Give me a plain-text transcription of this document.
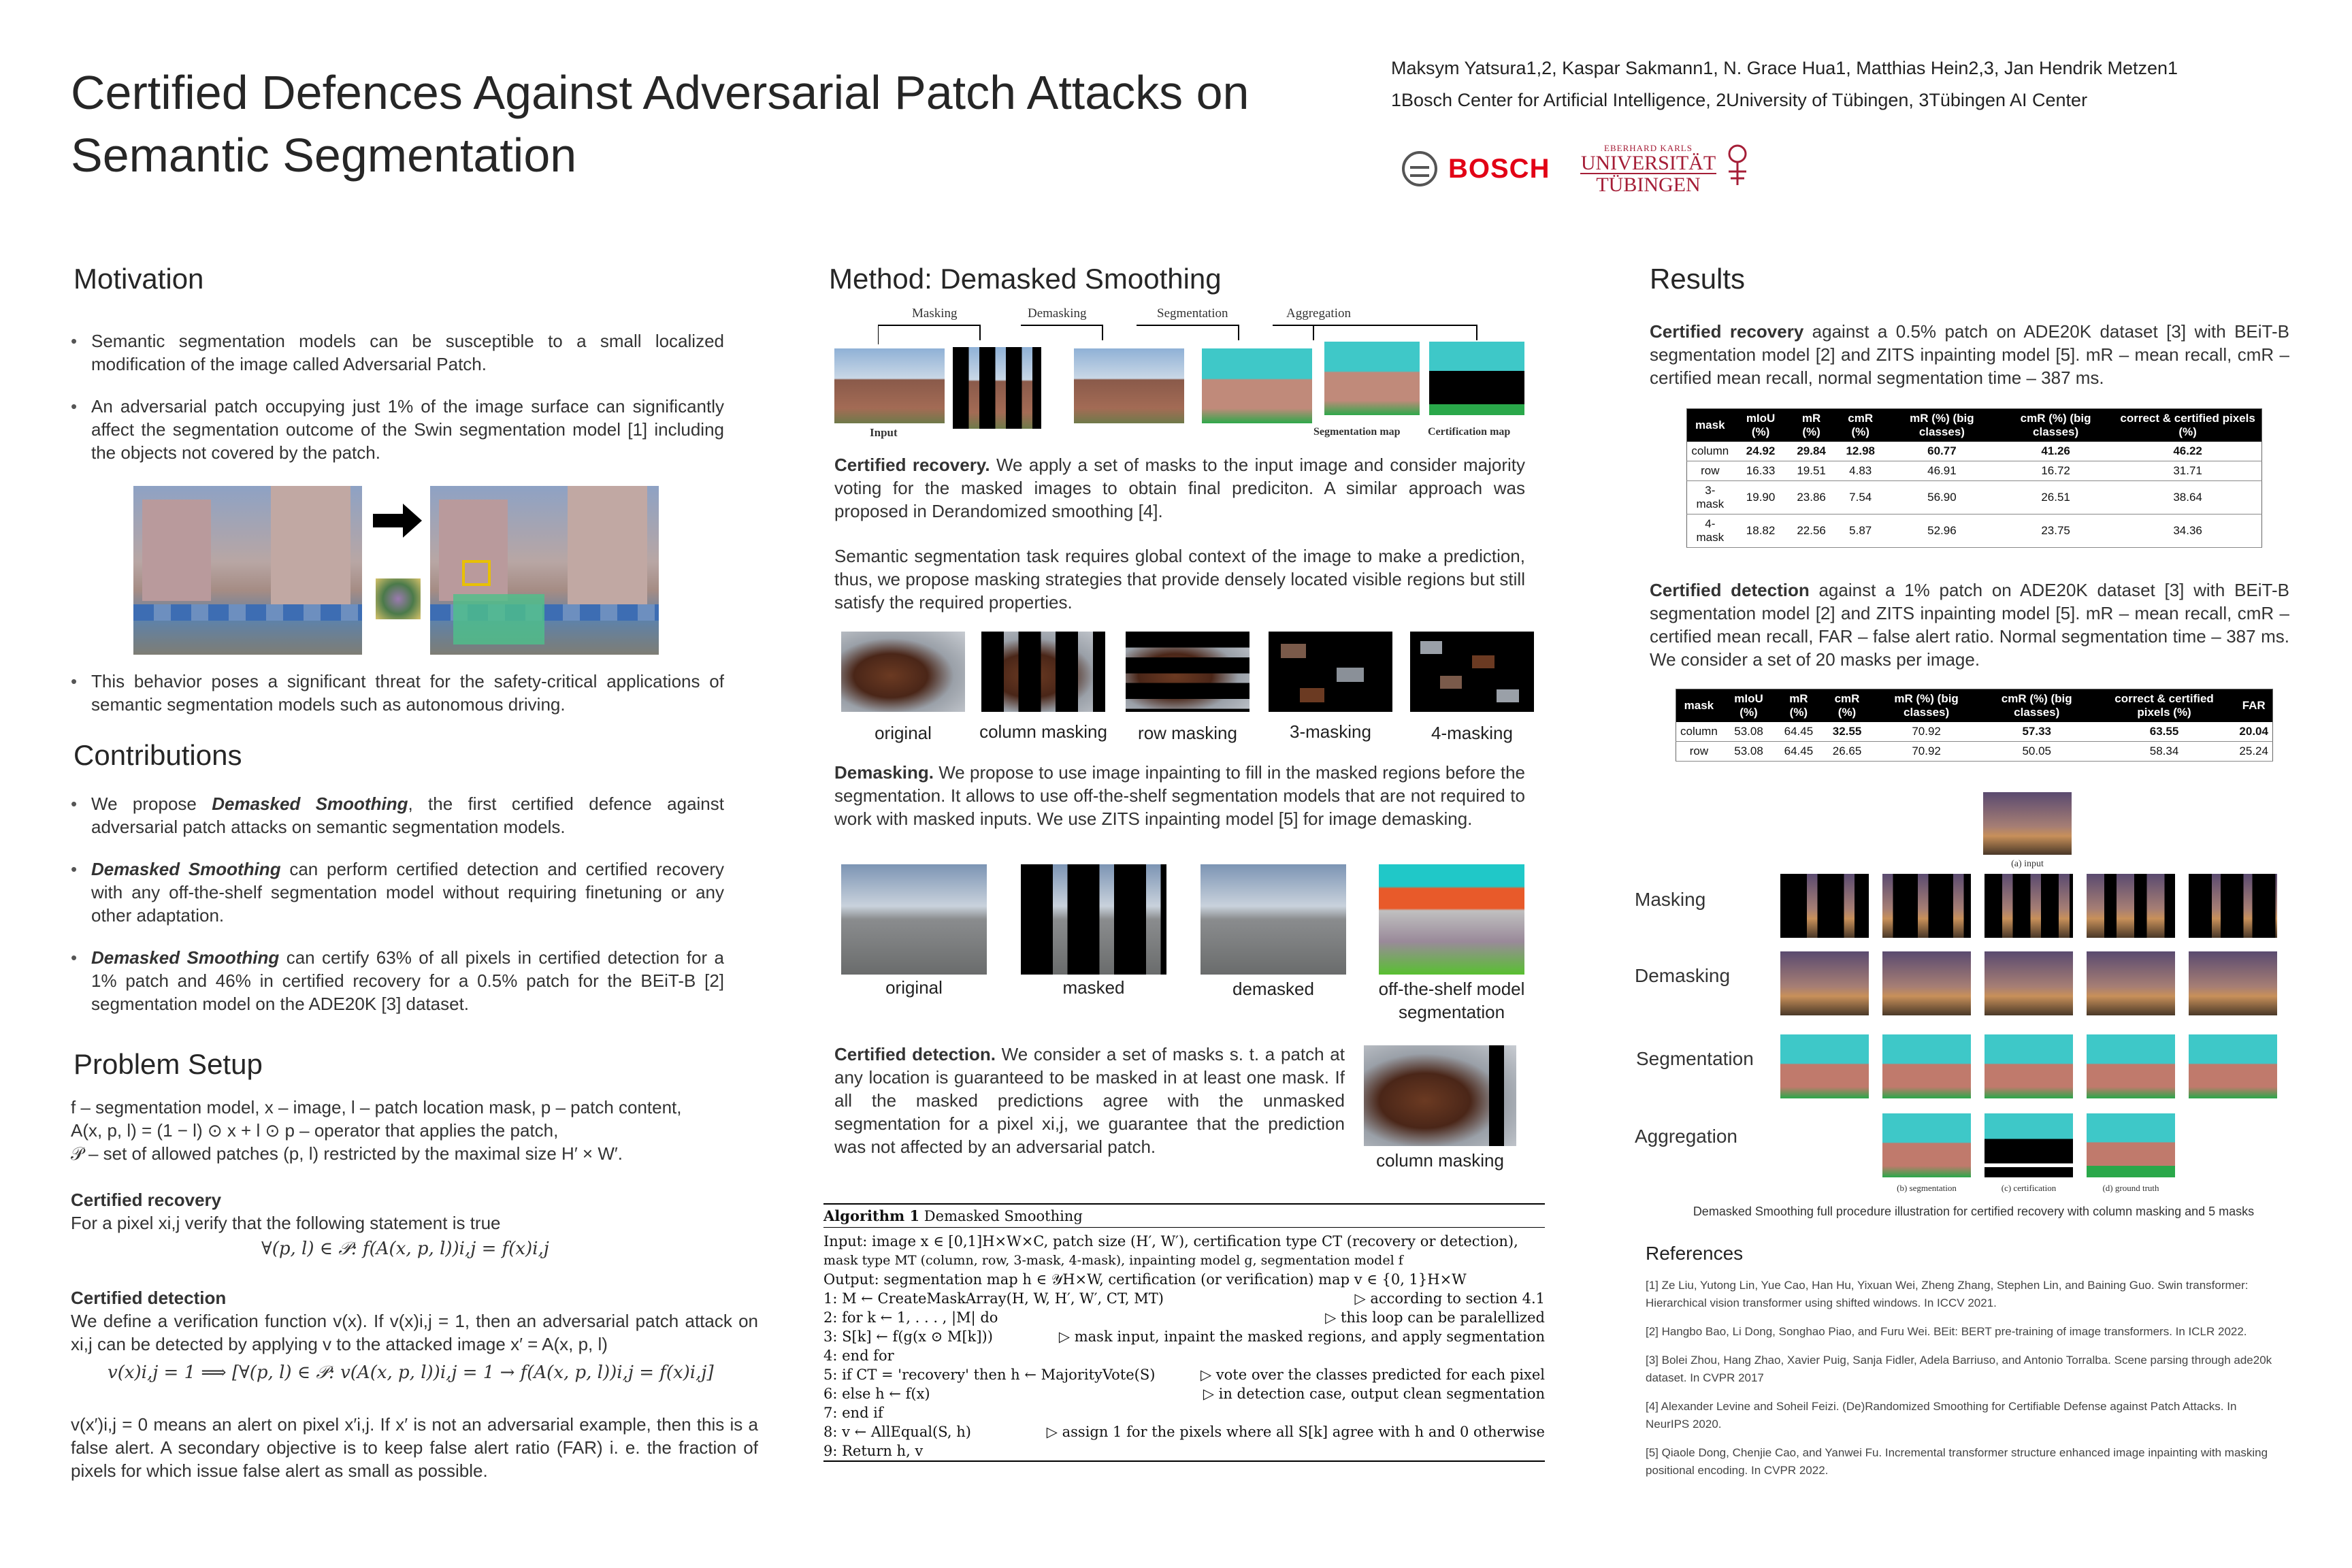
Certified Defences Against Adversarial Patch Attacks on Semantic Segmentation
Maksym Yatsura1,2, Kaspar Sakmann1, N. Grace Hua1, Matthias Hein2,3, Jan Hendrik Metzen1
1Bosch Center for Artificial Intelligence, 2University of Tübingen, 3Tübingen AI Center
BOSCH
EBERHARD KARLS
UNIVERSITÄT
TÜBINGEN
Motivation
• Semantic segmentation models can be susceptible to a small localized modification of the image called Adversarial Patch.
• An adversarial patch occupying just 1% of the image surface can significantly affect the segmentation outcome of the Swin segmentation model [1] including the objects not covered by the patch.
• This behavior poses a significant threat for the safety-critical applications of semantic segmentation models such as autonomous driving.
Contributions
• We propose Demasked Smoothing, the first certified defence against adversarial patch attacks on semantic segmentation models.
• Demasked Smoothing can perform certified detection and certified recovery with any off-the-shelf segmentation model without requiring finetuning or any other adaptation.
• Demasked Smoothing can certify 63% of all pixels in certified detection for a 1% patch and 46% in certified recovery for a 0.5% patch for the BEiT-B [2] segmentation model on the ADE20K [3] dataset.
Problem Setup
f – segmentation model, x – image, l – patch location mask, p – patch content,
A(x, p, l) = (1 − l) ⊙ x + l ⊙ p – operator that applies the patch,
𝒫 – set of allowed patches (p, l) restricted by the maximal size H′ × W′.
Certified recovery
For a pixel xi,j verify that the following statement is true
∀(p, l) ∈ 𝒫: f(A(x, p, l))i,j = f(x)i,j
Certified detection
We define a verification function v(x). If v(x)i,j = 1, then an adversarial patch attack on xi,j can be detected by applying v to the attacked image x′ = A(x, p, l)
v(x)i,j = 1 ⟹ [∀(p, l) ∈ 𝒫: v(A(x, p, l))i,j = 1 → f(A(x, p, l))i,j = f(x)i,j]
v(x′)i,j = 0 means an alert on pixel x′i,j. If x′ is not an adversarial example, then this is a false alert. A secondary objective is to keep false alert ratio (FAR) i. e. the fraction of pixels for which issue false alert as small as possible.
Method: Demasked Smoothing
Masking	Demasking	Segmentation	Aggregation
Input	Segmentation map	Certification map
Certified recovery. We apply a set of masks to the input image and consider majority voting for the masked images to obtain final prediciton. A similar approach was proposed in Derandomized smoothing [4].
Semantic segmentation task requires global context of the image to make a prediction, thus, we propose masking strategies that provide densely located visible regions but still satisfy the required properties.
original	column masking	row masking	3-masking	4-masking
Demasking. We propose to use image inpainting to fill in the masked regions before the segmentation. It allows to use off-the-shelf segmentation models that are not required to work with masked inputs. We use ZITS inpainting model [5] for image demasking.
original	masked	demasked	off-the-shelf model segmentation
Certified detection. We consider a set of masks s. t. a patch at any location is guaranteed to be masked in at least one mask. If all the masked predictions agree with the unmasked segmentation for a pixel xi,j, we guarantee that the prediction was not affected by an adversarial patch.
column masking
Algorithm 1 Demasked Smoothing
Input: image x ∈ [0,1]H×W×C, patch size (H′, W′), certification type CT (recovery or detection),
mask type MT (column, row, 3-mask, 4-mask), inpainting model g, segmentation model f
Output: segmentation map h ∈ 𝒴H×W, certification (or verification) map v ∈ {0, 1}H×W
1: M ← CreateMaskArray(H, W, H′, W′, CT, MT)	▷ according to section 4.1
2: for k ← 1, . . . , |M| do	▷ this loop can be paralellized
3: S[k] ← f(g(x ⊙ M[k]))	▷ mask input, inpaint the masked regions, and apply segmentation
4: end for
5: if CT = 'recovery' then h ← MajorityVote(S)	▷ vote over the classes predicted for each pixel
6: else h ← f(x)	▷ in detection case, output clean segmentation
7: end if
8: v ← AllEqual(S, h)	▷ assign 1 for the pixels where all S[k] agree with h and 0 otherwise
9: Return h, v
Results
Certified recovery against a 0.5% patch on ADE20K dataset [3] with BEiT-B segmentation model [2] and ZITS inpainting model [5]. mR – mean recall, cmR – certified mean recall, normal segmentation time – 387 ms.
mask	mIoU (%)	mR (%)	cmR (%)	mR (%) (big classes)	cmR (%) (big classes)	correct & certified pixels (%)
column	24.92	29.84	12.98	60.77	41.26	46.22
row	16.33	19.51	4.83	46.91	16.72	31.71
3-mask	19.90	23.86	7.54	56.90	26.51	38.64
4-mask	18.82	22.56	5.87	52.96	23.75	34.36
Certified detection against a 1% patch on ADE20K dataset [3] with BEiT-B segmentation model [2] and ZITS inpainting model [5]. mR – mean recall, cmR – certified mean recall, FAR – false alert ratio. Normal segmentation time – 387 ms. We consider a set of 20 masks per image.
mask	mIoU (%)	mR (%)	cmR (%)	mR (%) (big classes)	cmR (%) (big classes)	correct & certified pixels (%)	FAR
column	53.08	64.45	32.55	70.92	57.33	63.55	20.04
row	53.08	64.45	26.65	70.92	50.05	58.34	25.24
(a) input
Masking
Demasking
Segmentation
Aggregation
(b) segmentation	(c) certification	(d) ground truth
Demasked Smoothing full procedure illustration for certified recovery with column masking and 5 masks
References
[1] Ze Liu, Yutong Lin, Yue Cao, Han Hu, Yixuan Wei, Zheng Zhang, Stephen Lin, and Baining Guo. Swin transformer: Hierarchical vision transformer using shifted windows. In ICCV 2021.
[2] Hangbo Bao, Li Dong, Songhao Piao, and Furu Wei. BEit: BERT pre-training of image transformers. In ICLR 2022.
[3] Bolei Zhou, Hang Zhao, Xavier Puig, Sanja Fidler, Adela Barriuso, and Antonio Torralba. Scene parsing through ade20k dataset. In CVPR 2017
[4] Alexander Levine and Soheil Feizi. (De)Randomized Smoothing for Certifiable Defense against Patch Attacks. In NeurIPS 2020.
[5] Qiaole Dong, Chenjie Cao, and Yanwei Fu. Incremental transformer structure enhanced image inpainting with masking positional encoding. In CVPR 2022.
